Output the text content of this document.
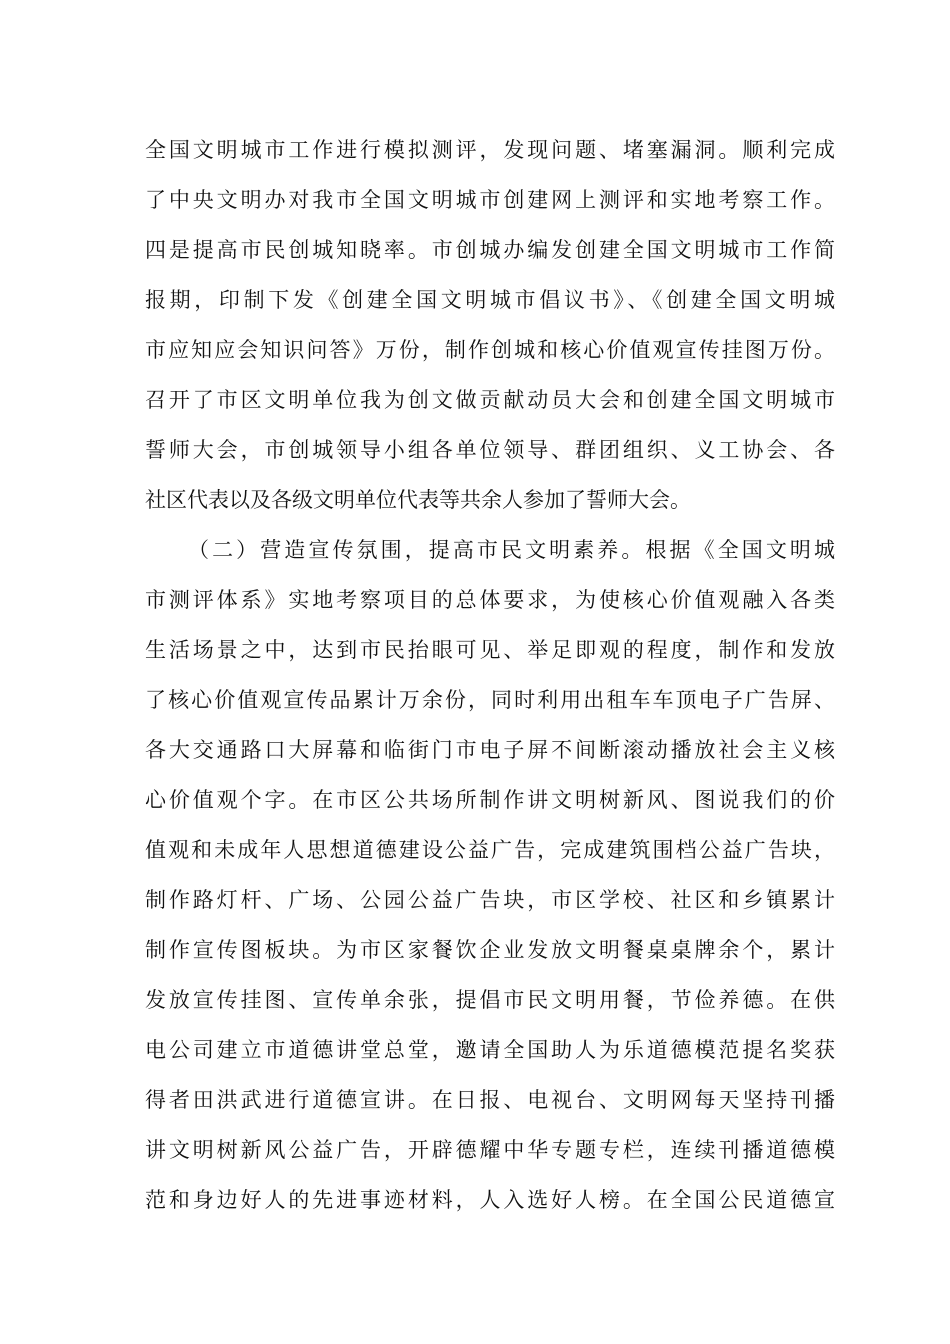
全国文明城市工作进行模拟测评，发现问题、堵塞漏洞。顺利完成
了中央文明办对我市全国文明城市创建网上测评和实地考察工作。
四是提高市民创城知晓率。市创城办编发创建全国文明城市工作简
报期，印制下发《创建全国文明城市倡议书》、《创建全国文明城
市应知应会知识问答》万份，制作创城和核心价值观宣传挂图万份。
召开了市区文明单位我为创文做贡献动员大会和创建全国文明城市
誓师大会，市创城领导小组各单位领导、群团组织、义工协会、各
社区代表以及各级文明单位代表等共余人参加了誓师大会。
（二）营造宣传氛围，提高市民文明素养。根据《全国文明城
市测评体系》实地考察项目的总体要求，为使核心价值观融入各类
生活场景之中，达到市民抬眼可见、举足即观的程度，制作和发放
了核心价值观宣传品累计万余份，同时利用出租车车顶电子广告屏、
各大交通路口大屏幕和临街门市电子屏不间断滚动播放社会主义核
心价值观个字。在市区公共场所制作讲文明树新风、图说我们的价
值观和未成年人思想道德建设公益广告，完成建筑围档公益广告块，
制作路灯杆、广场、公园公益广告块，市区学校、社区和乡镇累计
制作宣传图板块。为市区家餐饮企业发放文明餐桌桌牌余个，累计
发放宣传挂图、宣传单余张，提倡市民文明用餐，节俭养德。在供
电公司建立市道德讲堂总堂，邀请全国助人为乐道德模范提名奖获
得者田洪武进行道德宣讲。在日报、电视台、文明网每天坚持刊播
讲文明树新风公益广告，开辟德耀中华专题专栏，连续刊播道德模
范和身边好人的先进事迹材料，人入选好人榜。在全国公民道德宣
